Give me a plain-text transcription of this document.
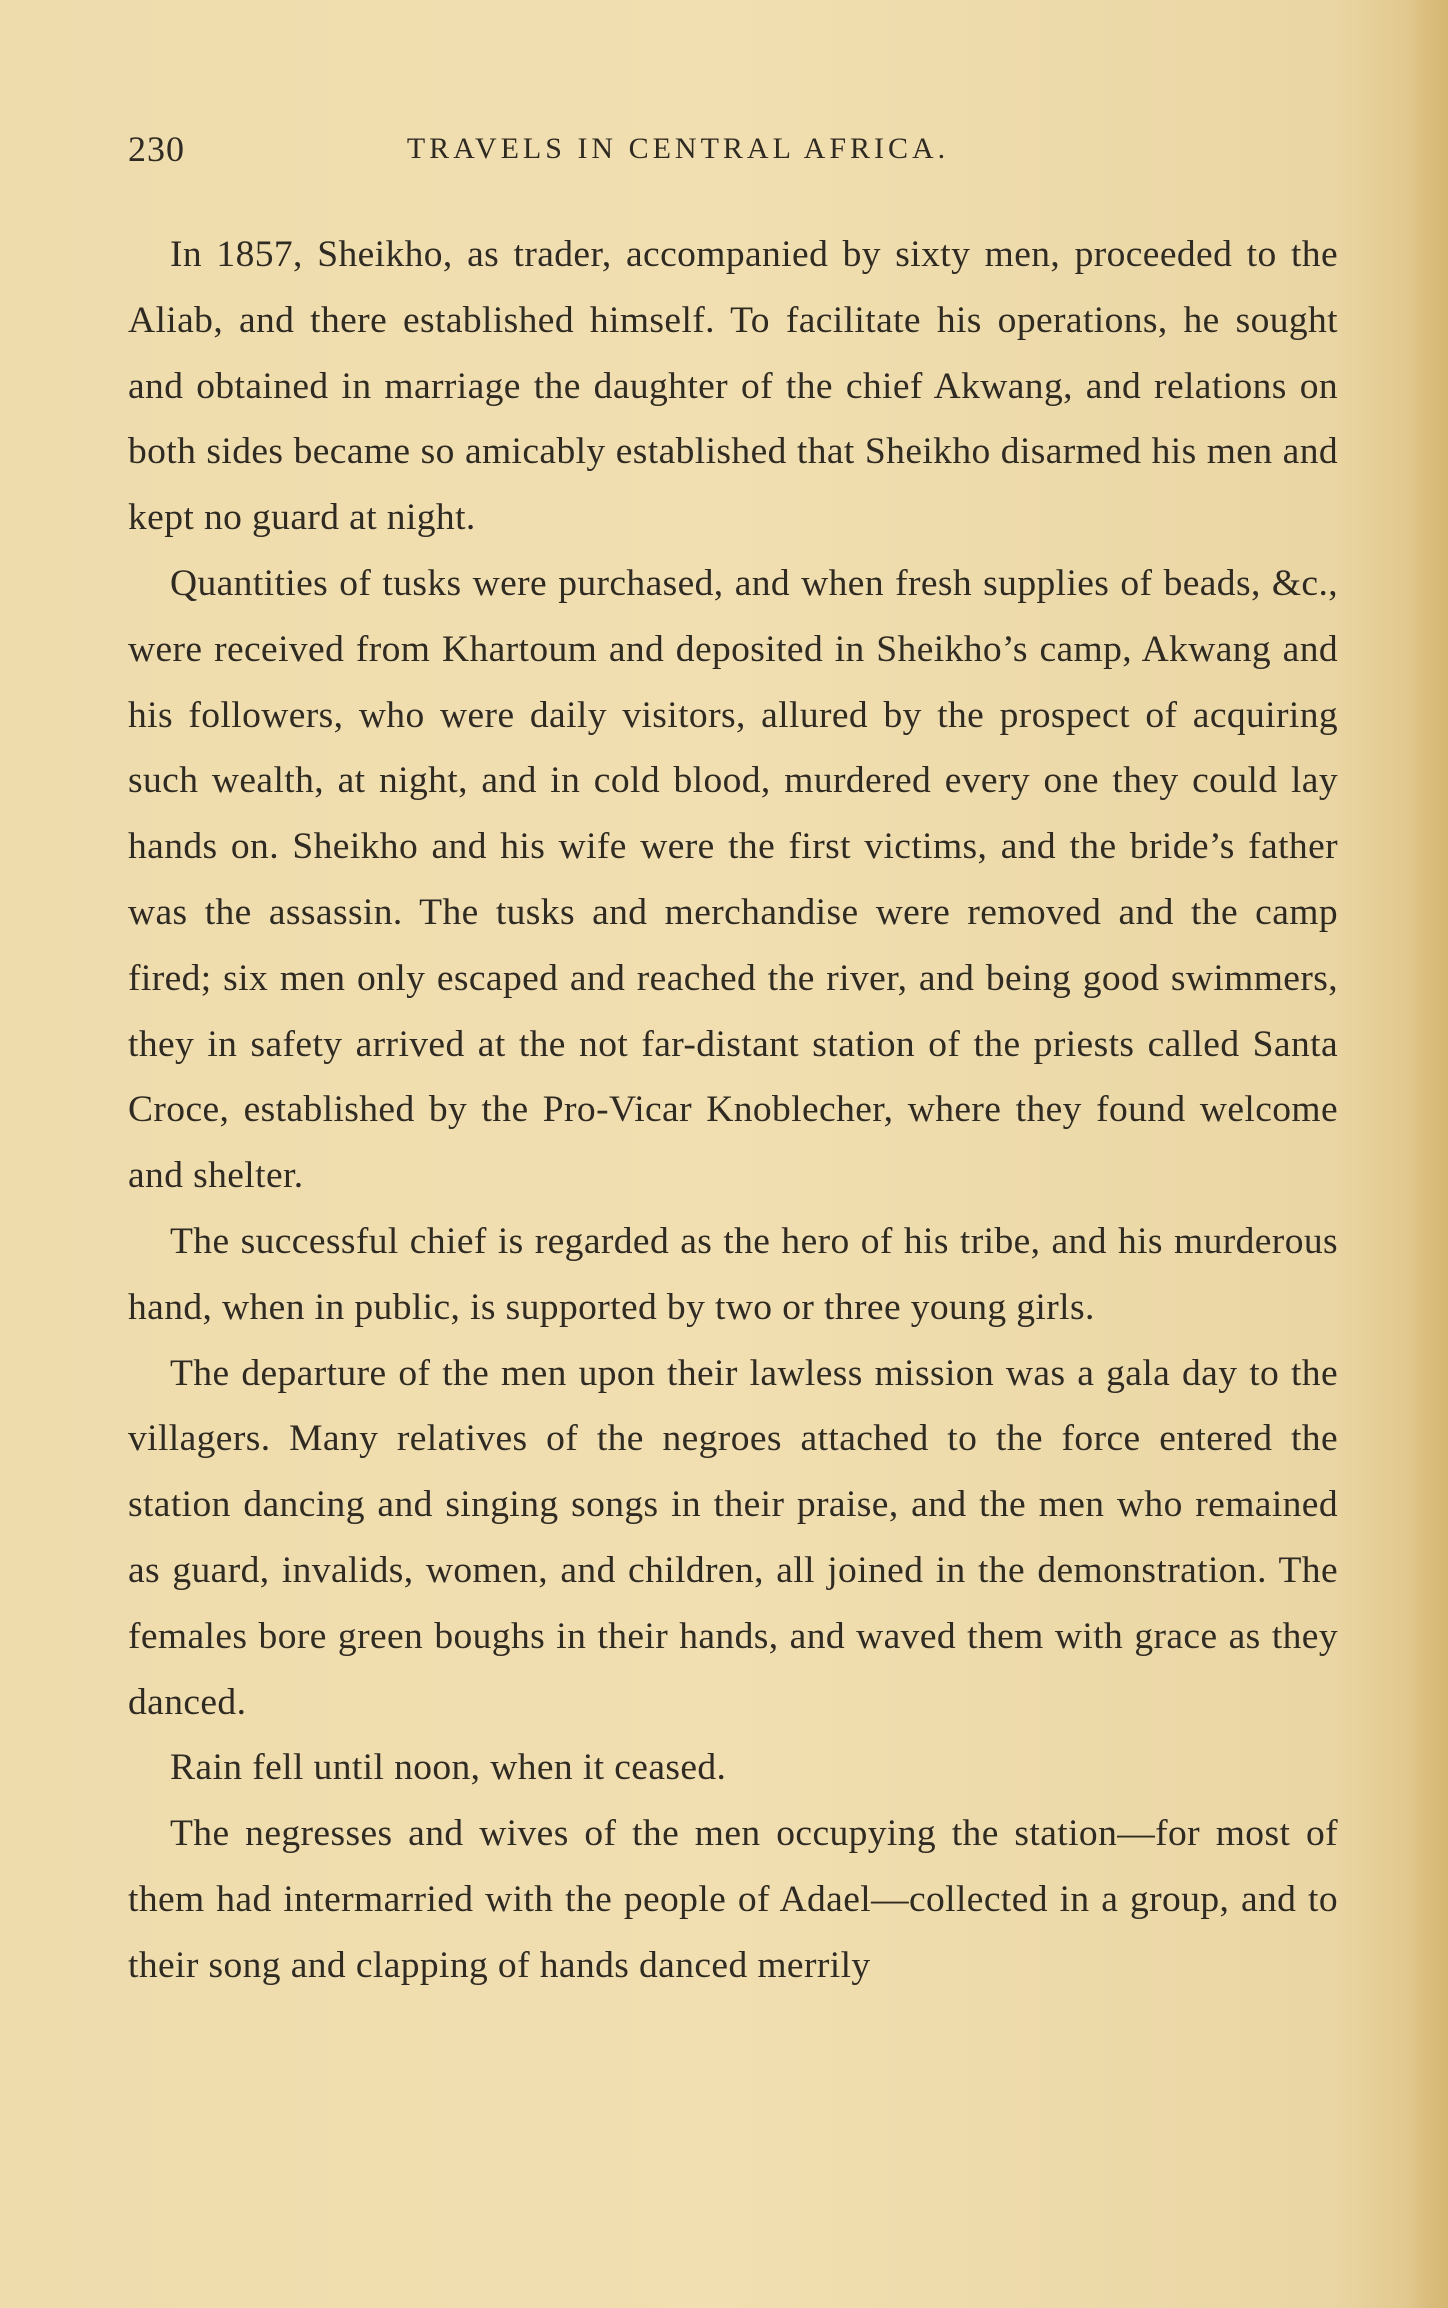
230	TRAVELS IN CENTRAL AFRICA.

In 1857, Sheikho, as trader, accompanied by sixty men, proceeded to the Aliab, and there established himself. To facilitate his operations, he sought and obtained in marriage the daughter of the chief Akwang, and relations on both sides became so amicably established that Sheikho disarmed his men and kept no guard at night.

Quantities of tusks were purchased, and when fresh supplies of beads, &c., were received from Khartoum and deposited in Sheikho’s camp, Akwang and his followers, who were daily visitors, allured by the prospect of acquiring such wealth, at night, and in cold blood, murdered every one they could lay hands on. Sheikho and his wife were the first victims, and the bride’s father was the assassin. The tusks and merchandise were removed and the camp fired; six men only escaped and reached the river, and being good swimmers, they in safety arrived at the not far-distant station of the priests called Santa Croce, established by the Pro-Vicar Knoblecher, where they found welcome and shelter.

The successful chief is regarded as the hero of his tribe, and his murderous hand, when in public, is supported by two or three young girls.

The departure of the men upon their lawless mission was a gala day to the villagers. Many relatives of the negroes attached to the force entered the station dancing and singing songs in their praise, and the men who remained as guard, invalids, women, and children, all joined in the demonstration. The females bore green boughs in their hands, and waved them with grace as they danced.

Rain fell until noon, when it ceased.

The negresses and wives of the men occupying the station—for most of them had intermarried with the people of Adael—collected in a group, and to their song and clapping of hands danced merrily
